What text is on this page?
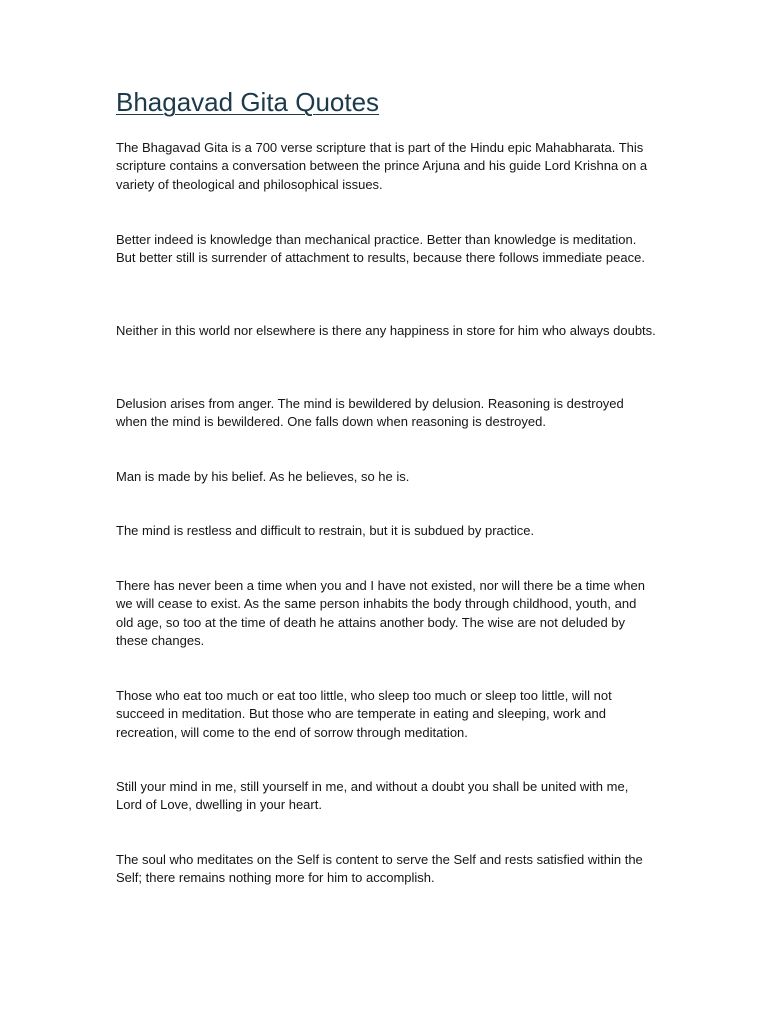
Bhagavad Gita Quotes

The Bhagavad Gita is a 700 verse scripture that is part of the Hindu epic Mahabharata. This scripture contains a conversation between the prince Arjuna and his guide Lord Krishna on a variety of theological and philosophical issues.

Better indeed is knowledge than mechanical practice. Better than knowledge is meditation. But better still is surrender of attachment to results, because there follows immediate peace.

Neither in this world nor elsewhere is there any happiness in store for him who always doubts.

Delusion arises from anger. The mind is bewildered by delusion. Reasoning is destroyed when the mind is bewildered. One falls down when reasoning is destroyed.

Man is made by his belief. As he believes, so he is.

The mind is restless and difficult to restrain, but it is subdued by practice.

There has never been a time when you and I have not existed, nor will there be a time when we will cease to exist. As the same person inhabits the body through childhood, youth, and old age, so too at the time of death he attains another body. The wise are not deluded by these changes.

Those who eat too much or eat too little, who sleep too much or sleep too little, will not succeed in meditation. But those who are temperate in eating and sleeping, work and recreation, will come to the end of sorrow through meditation.

Still your mind in me, still yourself in me, and without a doubt you shall be united with me, Lord of Love, dwelling in your heart.

The soul who meditates on the Self is content to serve the Self and rests satisfied within the Self; there remains nothing more for him to accomplish.
